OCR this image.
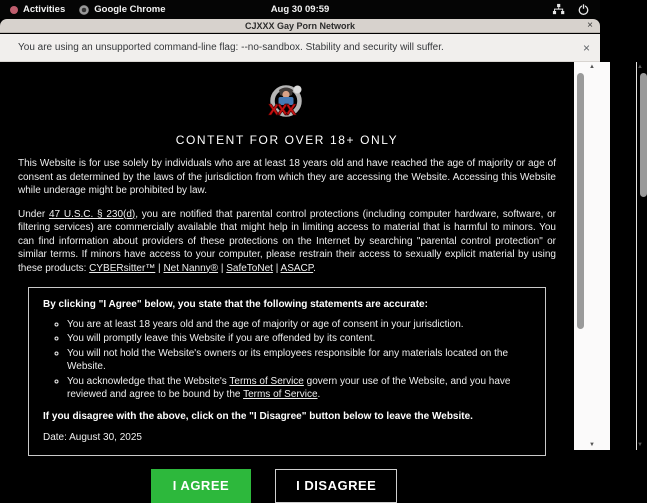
Activities	Google Chrome	Aug 30 09:59
CJXXX Gay Porn Network	×
You are using an unsupported command-line flag: --no-sandbox. Stability and security will suffer.	×
XXX
CONTENT FOR OVER 18+ ONLY

This Website is for use solely by individuals who are at least 18 years old and have reached the age of majority or age of consent as determined by the laws of the jurisdiction from which they are accessing the Website. Accessing this Website while underage might be prohibited by law.

Under 47 U.S.C. § 230(d), you are notified that parental control protections (including computer hardware, software, or filtering services) are commercially available that might help in limiting access to material that is harmful to minors. You can find information about providers of these protections on the Internet by searching "parental control protection" or similar terms. If minors have access to your computer, please restrain their access to sexually explicit material by using these products: CYBERsitter™ | Net Nanny® | SafeToNet | ASACP.

By clicking "I Agree" below, you state that the following statements are accurate:
◦ You are at least 18 years old and the age of majority or age of consent in your jurisdiction.
◦ You will promptly leave this Website if you are offended by its content.
◦ You will not hold the Website's owners or its employees responsible for any materials located on the Website.
◦ You acknowledge that the Website's Terms of Service govern your use of the Website, and you have reviewed and agree to be bound by the Terms of Service.
If you disagree with the above, click on the "I Disagree" button below to leave the Website.
Date: August 30, 2025
I AGREE	I DISAGREE
▲
▼
▲
▼
